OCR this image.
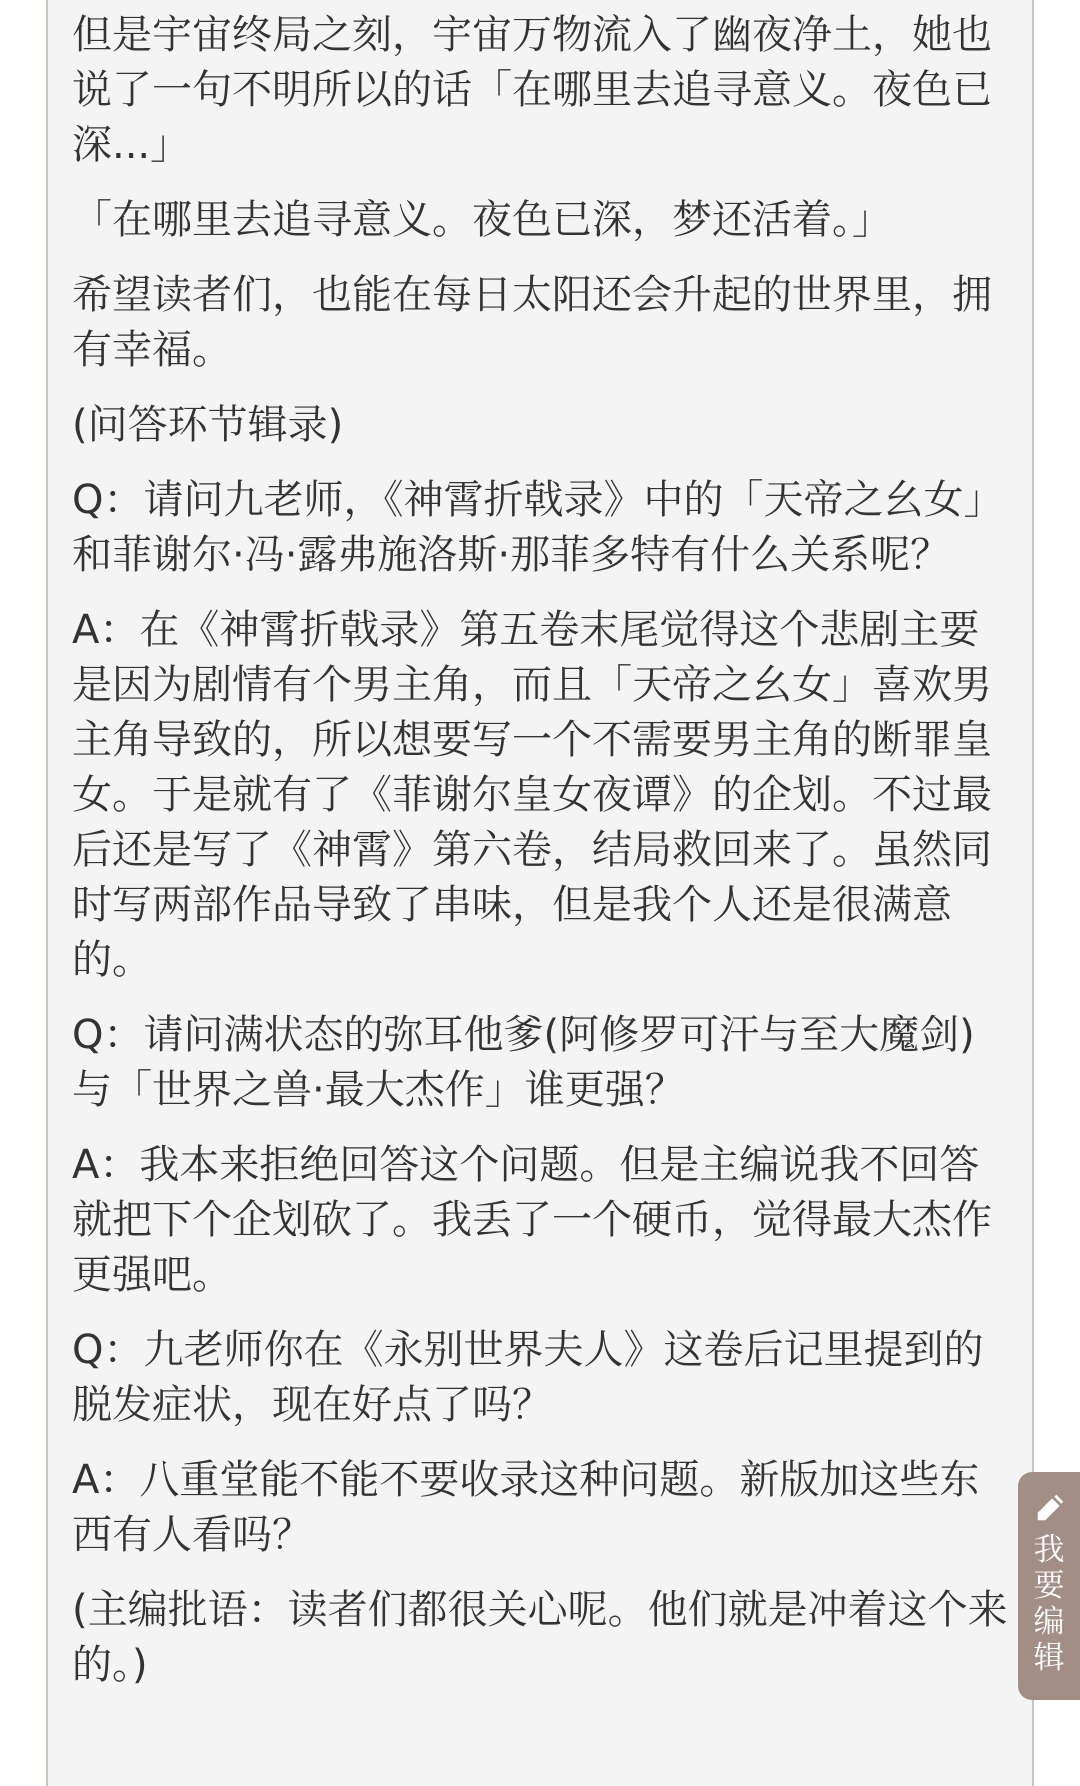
但是宇宙终局之刻，宇宙万物流入了幽夜净土，她也说了一句不明所以的话「在哪里去追寻意义。夜色已深...」

「在哪里去追寻意义。夜色已深，梦还活着。」

希望读者们，也能在每日太阳还会升起的世界里，拥有幸福。

(问答环节辑录)

Q：请问九老师，《神霄折戟录》中的「天帝之幺女」和菲谢尔·冯·露弗施洛斯·那菲多特有什么关系呢？

A：在《神霄折戟录》第五卷末尾觉得这个悲剧主要是因为剧情有个男主角，而且「天帝之幺女」喜欢男主角导致的，所以想要写一个不需要男主角的断罪皇女。于是就有了《菲谢尔皇女夜谭》的企划。不过最后还是写了《神霄》第六卷，结局救回来了。虽然同时写两部作品导致了串味，但是我个人还是很满意的。

Q：请问满状态的弥耳他爹(阿修罗可汗与至大魔剑)与「世界之兽·最大杰作」谁更强？

A：我本来拒绝回答这个问题。但是主编说我不回答就把下个企划砍了。我丢了一个硬币，觉得最大杰作更强吧。

Q：九老师你在《永别世界夫人》这卷后记里提到的脱发症状，现在好点了吗？

A：八重堂能不能不要收录这种问题。新版加这些东西有人看吗？

(主编批语：读者们都很关心呢。他们就是冲着这个来的。)

我要编辑
